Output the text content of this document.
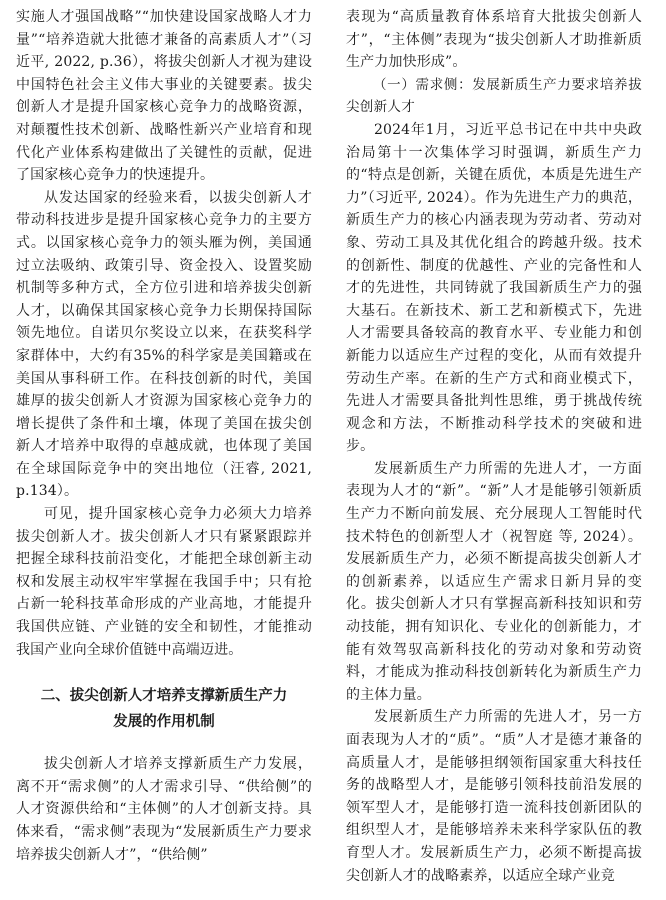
实施人才强国战略”“加快建设国家战略人才力量”“培养造就大批德才兼备的高素质人才”（习近平, 2022, p.36），将拔尖创新人才视为建设中国特色社会主义伟大事业的关键要素。拔尖创新人才是提升国家核心竞争力的战略资源，对颠覆性技术创新、战略性新兴产业培育和现代化产业体系构建做出了关键性的贡献，促进了国家核心竞争力的快速提升。

从发达国家的经验来看，以拔尖创新人才带动科技进步是提升国家核心竞争力的主要方式。以国家核心竞争力的领头雁为例，美国通过立法吸纳、政策引导、资金投入、设置奖励机制等多种方式，全方位引进和培养拔尖创新人才，以确保其国家核心竞争力长期保持国际领先地位。自诺贝尔奖设立以来，在获奖科学家群体中，大约有35%的科学家是美国籍或在美国从事科研工作。在科技创新的时代，美国雄厚的拔尖创新人才资源为国家核心竞争力的增长提供了条件和土壤，体现了美国在拔尖创新人才培养中取得的卓越成就，也体现了美国在全球国际竞争中的突出地位（汪睿, 2021, p.134）。

可见，提升国家核心竞争力必须大力培养拔尖创新人才。拔尖创新人才只有紧紧跟踪并把握全球科技前沿变化，才能把全球创新主动权和发展主动权牢牢掌握在我国手中；只有抢占新一轮科技革命形成的产业高地，才能提升我国供应链、产业链的安全和韧性，才能推动我国产业向全球价值链中高端迈进。

二、拔尖创新人才培养支撑新质生产力
发展的作用机制

拔尖创新人才培养支撑新质生产力发展，离不开“需求侧”的人才需求引导、“供给侧”的人才资源供给和“主体侧”的人才创新支持。具体来看，“需求侧”表现为“发展新质生产力要求培养拔尖创新人才”，“供给侧”

表现为“高质量教育体系培育大批拔尖创新人才”，“主体侧”表现为“拔尖创新人才助推新质生产力加快形成”。

（一）需求侧：发展新质生产力要求培养拔尖创新人才

2024年1月，习近平总书记在中共中央政治局第十一次集体学习时强调，新质生产力的“特点是创新，关键在质优，本质是先进生产力”（习近平, 2024）。作为先进生产力的典范，新质生产力的核心内涵表现为劳动者、劳动对象、劳动工具及其优化组合的跨越升级。技术的创新性、制度的优越性、产业的完备性和人才的先进性，共同铸就了我国新质生产力的强大基石。在新技术、新工艺和新模式下，先进人才需要具备较高的教育水平、专业能力和创新能力以适应生产过程的变化，从而有效提升劳动生产率。在新的生产方式和商业模式下，先进人才需要具备批判性思维，勇于挑战传统观念和方法，不断推动科学技术的突破和进步。

发展新质生产力所需的先进人才，一方面表现为人才的“新”。“新”人才是能够引领新质生产力不断向前发展、充分展现人工智能时代技术特色的创新型人才（祝智庭 等, 2024）。发展新质生产力，必须不断提高拔尖创新人才的创新素养，以适应生产需求日新月异的变化。拔尖创新人才只有掌握高新科技知识和劳动技能，拥有知识化、专业化的创新能力，才能有效驾驭高新科技化的劳动对象和劳动资料，才能成为推动科技创新转化为新质生产力的主体力量。

发展新质生产力所需的先进人才，另一方面表现为人才的“质”。“质”人才是德才兼备的高质量人才，是能够担纲领衔国家重大科技任务的战略型人才，是能够引领科技前沿发展的领军型人才，是能够打造一流科技创新团队的组织型人才，是能够培养未来科学家队伍的教育型人才。发展新质生产力，必须不断提高拔尖创新人才的战略素养，以适应全球产业竞
